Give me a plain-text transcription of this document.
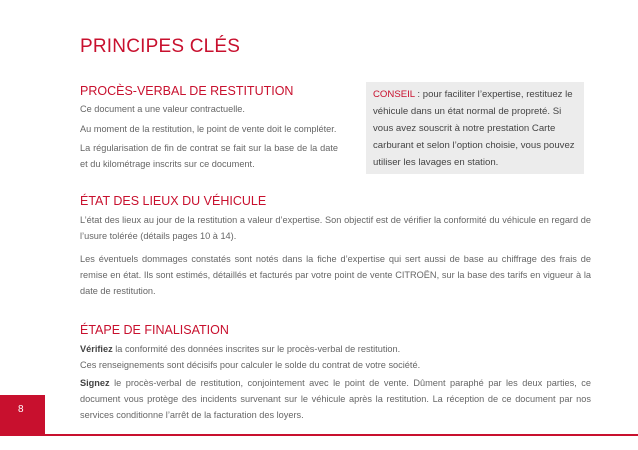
PRINCIPES CLÉS
PROCÈS-VERBAL DE RESTITUTION
Ce document a une valeur contractuelle.
Au moment de la restitution, le point de vente doit le compléter.
La régularisation de fin de contrat se fait sur la base de la date et du kilométrage inscrits sur ce document.
CONSEIL : pour faciliter l’expertise, restituez le véhicule dans un état normal de propreté. Si vous avez souscrit à notre prestation Carte carburant et selon l’option choisie, vous pouvez utiliser les lavages en station.
ÉTAT DES LIEUX DU VÉHICULE
L’état des lieux au jour de la restitution a valeur d’expertise. Son objectif est de vérifier la conformité du véhicule en regard de l’usure tolérée (détails pages 10 à 14).
Les éventuels dommages constatés sont notés dans la fiche d’expertise qui sert aussi de base au chiffrage des frais de remise en état. Ils sont estimés, détaillés et facturés par votre point de vente CITROËN, sur la base des tarifs en vigueur à la date de restitution.
ÉTAPE DE FINALISATION
Vérifiez la conformité des données inscrites sur le procès-verbal de restitution.
Ces renseignements sont décisifs pour calculer le solde du contrat de votre société.
Signez le procès-verbal de restitution, conjointement avec le point de vente. Dûment paraphé par les deux parties, ce document vous protège des incidents survenant sur le véhicule après la restitution. La réception de ce document par nos services conditionne l’arrêt de la facturation des loyers.
8
